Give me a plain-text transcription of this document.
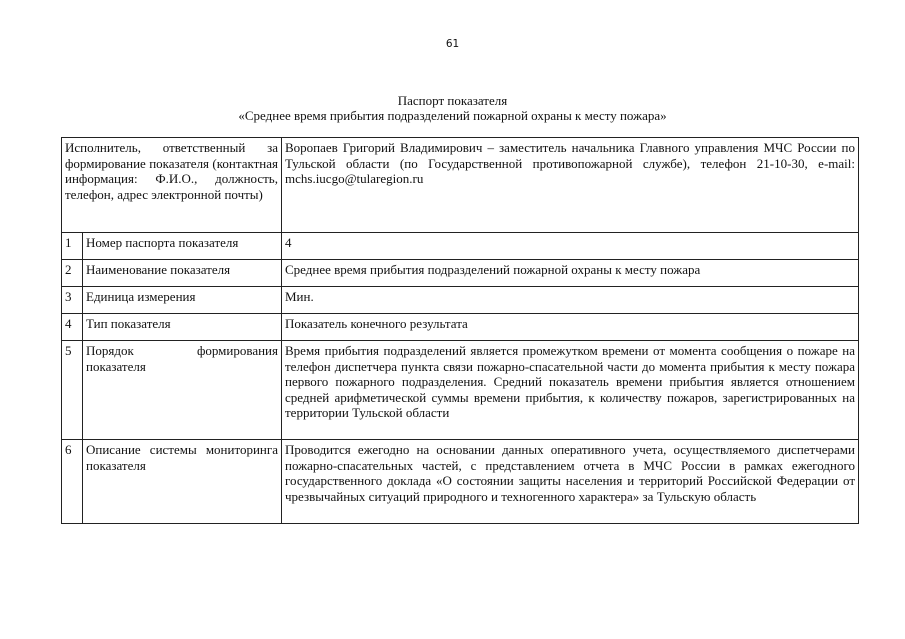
61
Паспорт показателя
«Среднее время прибытия подразделений пожарной охраны к месту пожара»
Исполнитель, ответственный за формирование показателя (контактная информация: Ф.И.О., должность, телефон, адрес электронной почты)		Воропаев Григорий Владимирович – заместитель начальника Главного управления МЧС России по Тульской области (по Государственной противопожарной службе), телефон 21-10-30, e-mail: mchs.iucgo@tularegion.ru
1	Номер паспорта показателя	4
2	Наименование показателя	Среднее время прибытия подразделений пожарной охраны к месту пожара
3	Единица измерения	Мин.
4	Тип показателя	Показатель конечного результата
5	Порядок формирования показателя	Время прибытия подразделений является промежутком времени от момента сообщения о пожаре на телефон диспетчера пункта связи пожарно-спасательной части до момента прибытия к месту пожара первого пожарного подразделения. Средний показатель времени прибытия является отношением средней арифметической суммы времени прибытия, к количеству пожаров, зарегистрированных на территории Тульской области
6	Описание системы мониторинга показателя	Проводится ежегодно на основании данных оперативного учета, осуществляемого диспетчерами пожарно-спасательных частей, с представлением отчета в МЧС России в рамках ежегодного государственного доклада «О состоянии защиты населения и территорий Российской Федерации от чрезвычайных ситуаций природного и техногенного характера» за Тульскую область
